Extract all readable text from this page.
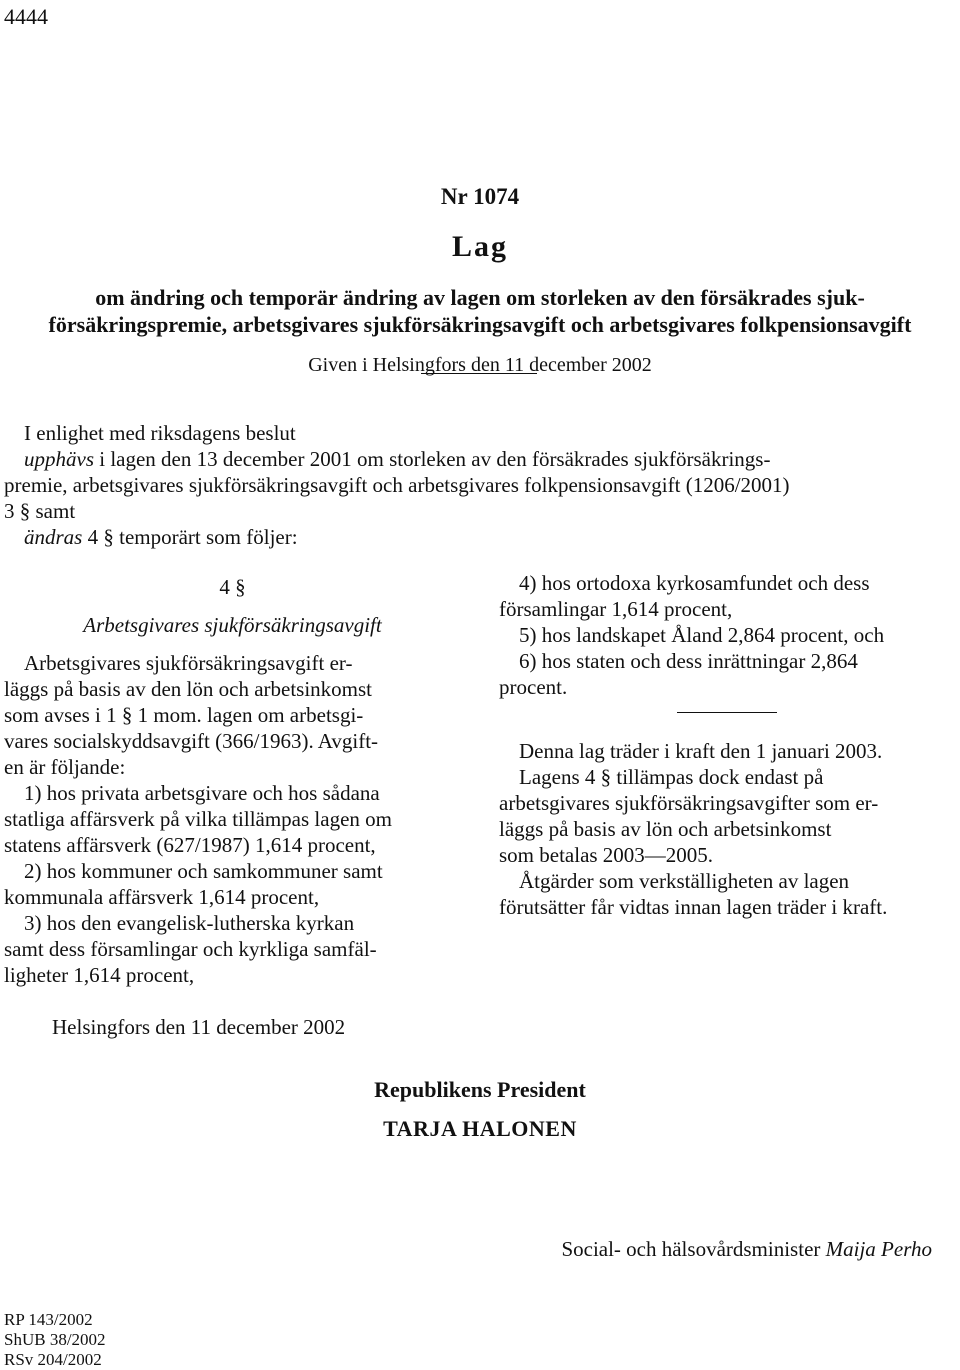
4444
Nr 1074
Lag
om ändring och temporär ändring av lagen om storleken av den försäkrades sjuk-
försäkringspremie, arbetsgivares sjukförsäkringsavgift och arbetsgivares folkpensionsavgift
Given i Helsingfors den 11 december 2002
I enlighet med riksdagens beslut
upphävs i lagen den 13 december 2001 om storleken av den försäkrades sjukförsäkrings-
premie, arbetsgivares sjukförsäkringsavgift och arbetsgivares folkpensionsavgift (1206/2001)
3 § samt
ändras 4 § temporärt som följer:
4 §
Arbetsgivares sjukförsäkringsavgift
Arbetsgivares sjukförsäkringsavgift er-
läggs på basis av den lön och arbetsinkomst
som avses i 1 § 1 mom. lagen om arbetsgi-
vares socialskyddsavgift (366/1963). Avgift-
en är följande:
1) hos privata arbetsgivare och hos sådana
statliga affärsverk på vilka tillämpas lagen om
statens affärsverk (627/1987) 1,614 procent,
2) hos kommuner och samkommuner samt
kommunala affärsverk 1,614 procent,
3) hos den evangelisk-lutherska kyrkan
samt dess församlingar och kyrkliga samfäl-
ligheter 1,614 procent,
4) hos ortodoxa kyrkosamfundet och dess
församlingar 1,614 procent,
5) hos landskapet Åland 2,864 procent, och
6) hos staten och dess inrättningar 2,864
procent.
Denna lag träder i kraft den 1 januari 2003.
Lagens 4 § tillämpas dock endast på
arbetsgivares sjukförsäkringsavgifter som er-
läggs på basis av lön och arbetsinkomst
som betalas 2003—2005.
Åtgärder som verkställigheten av lagen
förutsätter får vidtas innan lagen träder i kraft.
Helsingfors den 11 december 2002
Republikens President
TARJA HALONEN
Social- och hälsovårdsminister Maija Perho
RP 143/2002
ShUB 38/2002
RSv 204/2002
